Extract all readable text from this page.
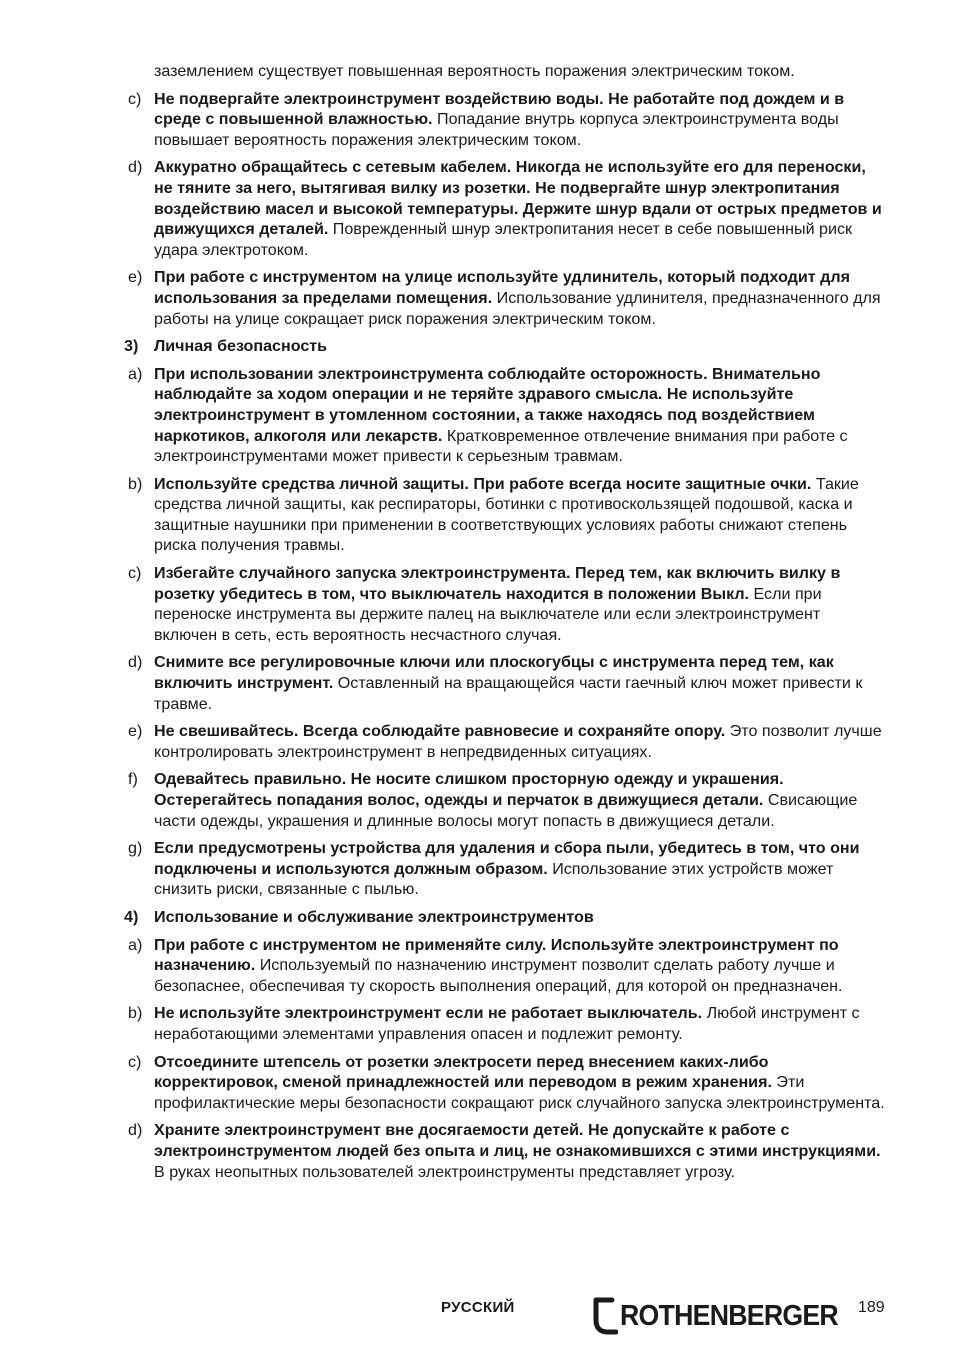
заземлением существует повышенная вероятность поражения электрическим током.
c) Не подвергайте электроинструмент воздействию воды. Не работайте под дождем и в среде с повышенной влажностью. Попадание внутрь корпуса электроинструмента воды повышает вероятность поражения электрическим током.
d) Аккуратно обращайтесь с сетевым кабелем. Никогда не используйте его для переноски, не тяните за него, вытягивая вилку из розетки. Не подвергайте шнур электропитания воздействию масел и высокой температуры. Держите шнур вдали от острых предметов и движущихся деталей. Поврежденный шнур электропитания несет в себе повышенный риск удара электротоком.
e) При работе с инструментом на улице используйте удлинитель, который подходит для использования за пределами помещения. Использование удлинителя, предназначенного для работы на улице сокращает риск поражения электрическим током.
3) Личная безопасность
a) При использовании электроинструмента соблюдайте осторожность. Внимательно наблюдайте за ходом операции и не теряйте здравого смысла. Не используйте электроинструмент в утомленном состоянии, а также находясь под воздействием наркотиков, алкоголя или лекарств. Кратковременное отвлечение внимания при работе с электроинструментами может привести к серьезным травмам.
b) Используйте средства личной защиты. При работе всегда носите защитные очки. Такие средства личной защиты, как респираторы, ботинки с противоскользящей подошвой, каска и защитные наушники при применении в соответствующих условиях работы снижают степень риска получения травмы.
c) Избегайте случайного запуска электроинструмента. Перед тем, как включить вилку в розетку убедитесь в том, что выключатель находится в положении Выкл. Если при переноске инструмента вы держите палец на выключателе или если электроинструмент включен в сеть, есть вероятность несчастного случая.
d) Снимите все регулировочные ключи или плоскогубцы с инструмента перед тем, как включить инструмент. Оставленный на вращающейся части гаечный ключ может привести к травме.
e) Не свешивайтесь. Всегда соблюдайте равновесие и сохраняйте опору. Это позволит лучше контролировать электроинструмент в непредвиденных ситуациях.
f) Одевайтесь правильно. Не носите слишком просторную одежду и украшения. Остерегайтесь попадания волос, одежды и перчаток в движущиеся детали. Свисающие части одежды, украшения и длинные волосы могут попасть в движущиеся детали.
g) Если предусмотрены устройства для удаления и сбора пыли, убедитесь в том, что они подключены и используются должным образом. Использование этих устройств может снизить риски, связанные с пылью.
4) Использование и обслуживание электроинструментов
a) При работе с инструментом не применяйте силу. Используйте электроинструмент по назначению. Используемый по назначению инструмент позволит сделать работу лучше и безопаснее, обеспечивая ту скорость выполнения операций, для которой он предназначен.
b) Не используйте электроинструмент если не работает выключатель. Любой инструмент с неработающими элементами управления опасен и подлежит ремонту.
c) Отсоедините штепсель от розетки электросети перед внесением каких-либо корректировок, сменой принадлежностей или переводом в режим хранения. Эти профилактические меры безопасности сокращают риск случайного запуска электроинструмента.
d) Храните электроинструмент вне досягаемости детей. Не допускайте к работе с электроинструментом людей без опыта и лиц, не ознакомившихся с этими инструкциями. В руках неопытных пользователей электроинструменты представляет угрозу.
РУССКИЙ	ROTHENBERGER 189
